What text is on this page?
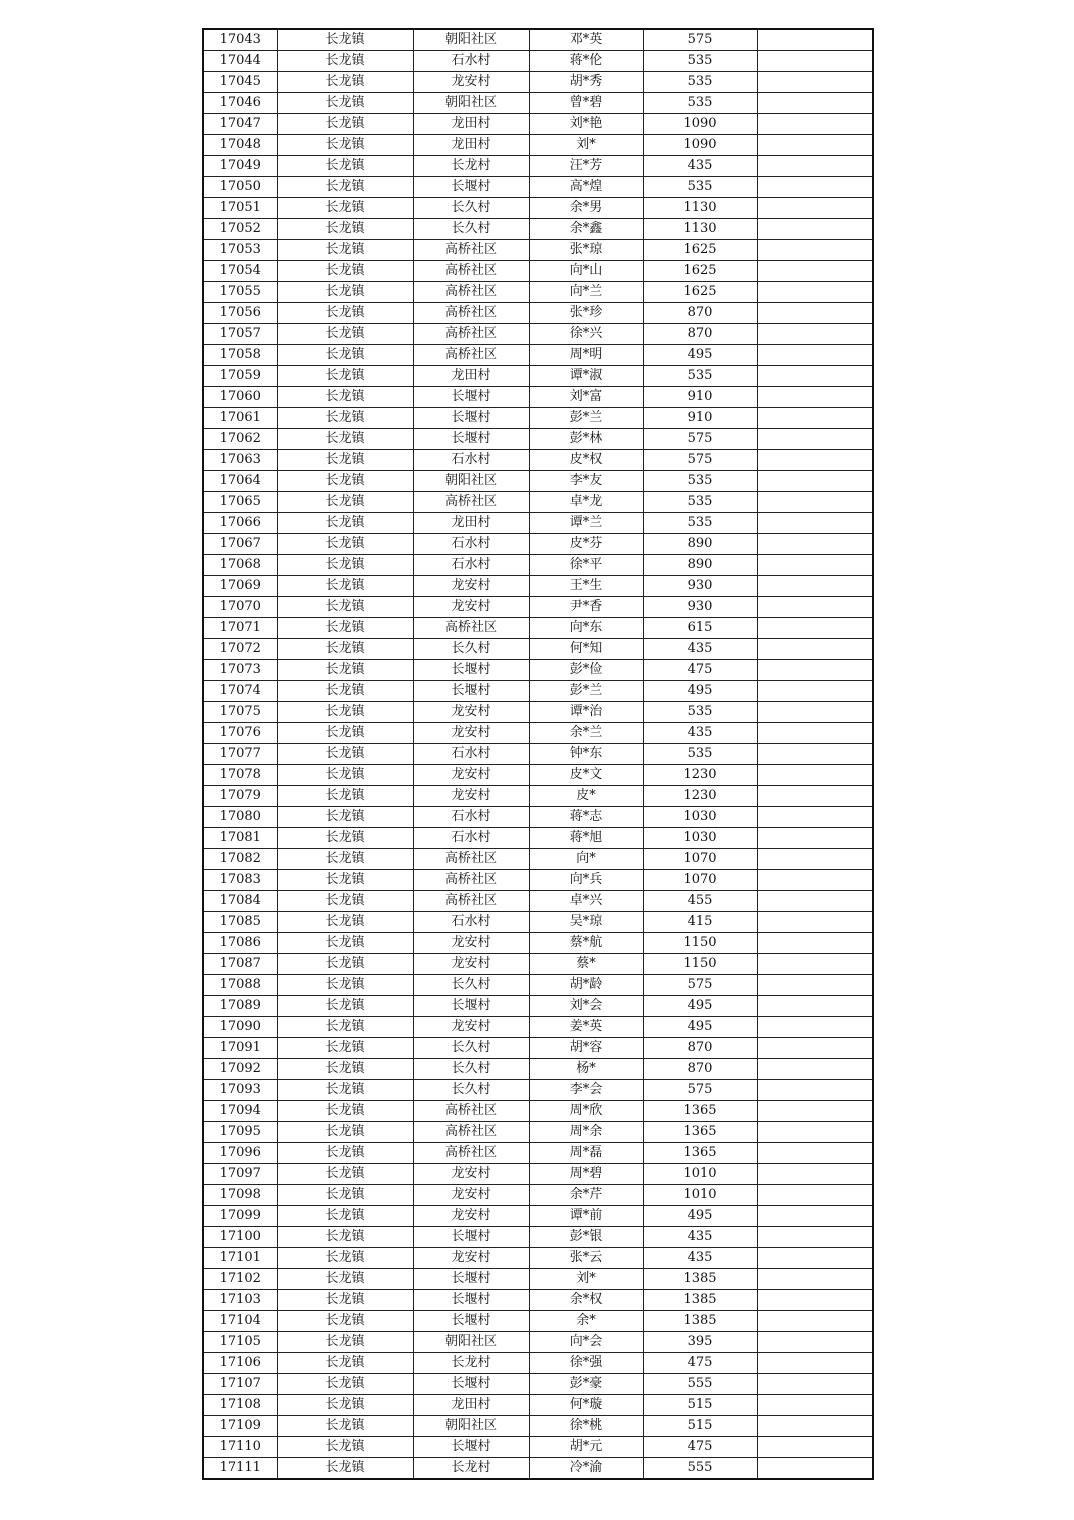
17043	长龙镇	朝阳社区	邓*英	575	
17044	长龙镇	石水村	蒋*伦	535	
17045	长龙镇	龙安村	胡*秀	535	
17046	长龙镇	朝阳社区	曾*碧	535	
17047	长龙镇	龙田村	刘*艳	1090	
17048	长龙镇	龙田村	刘*	1090	
17049	长龙镇	长龙村	汪*芳	435	
17050	长龙镇	长堰村	高*煌	535	
17051	长龙镇	长久村	余*男	1130	
17052	长龙镇	长久村	余*鑫	1130	
17053	长龙镇	高桥社区	张*琼	1625	
17054	长龙镇	高桥社区	向*山	1625	
17055	长龙镇	高桥社区	向*兰	1625	
17056	长龙镇	高桥社区	张*珍	870	
17057	长龙镇	高桥社区	徐*兴	870	
17058	长龙镇	高桥社区	周*明	495	
17059	长龙镇	龙田村	谭*淑	535	
17060	长龙镇	长堰村	刘*富	910	
17061	长龙镇	长堰村	彭*兰	910	
17062	长龙镇	长堰村	彭*林	575	
17063	长龙镇	石水村	皮*权	575	
17064	长龙镇	朝阳社区	李*友	535	
17065	长龙镇	高桥社区	卓*龙	535	
17066	长龙镇	龙田村	谭*兰	535	
17067	长龙镇	石水村	皮*芬	890	
17068	长龙镇	石水村	徐*平	890	
17069	长龙镇	龙安村	王*生	930	
17070	长龙镇	龙安村	尹*香	930	
17071	长龙镇	高桥社区	向*东	615	
17072	长龙镇	长久村	何*知	435	
17073	长龙镇	长堰村	彭*俭	475	
17074	长龙镇	长堰村	彭*兰	495	
17075	长龙镇	龙安村	谭*治	535	
17076	长龙镇	龙安村	余*兰	435	
17077	长龙镇	石水村	钟*东	535	
17078	长龙镇	龙安村	皮*文	1230	
17079	长龙镇	龙安村	皮*	1230	
17080	长龙镇	石水村	蒋*志	1030	
17081	长龙镇	石水村	蒋*旭	1030	
17082	长龙镇	高桥社区	向*	1070	
17083	长龙镇	高桥社区	向*兵	1070	
17084	长龙镇	高桥社区	卓*兴	455	
17085	长龙镇	石水村	吴*琼	415	
17086	长龙镇	龙安村	蔡*航	1150	
17087	长龙镇	龙安村	蔡*	1150	
17088	长龙镇	长久村	胡*龄	575	
17089	长龙镇	长堰村	刘*会	495	
17090	长龙镇	龙安村	姜*英	495	
17091	长龙镇	长久村	胡*容	870	
17092	长龙镇	长久村	杨*	870	
17093	长龙镇	长久村	李*会	575	
17094	长龙镇	高桥社区	周*欣	1365	
17095	长龙镇	高桥社区	周*余	1365	
17096	长龙镇	高桥社区	周*磊	1365	
17097	长龙镇	龙安村	周*碧	1010	
17098	长龙镇	龙安村	余*芹	1010	
17099	长龙镇	龙安村	谭*前	495	
17100	长龙镇	长堰村	彭*银	435	
17101	长龙镇	龙安村	张*云	435	
17102	长龙镇	长堰村	刘*	1385	
17103	长龙镇	长堰村	余*权	1385	
17104	长龙镇	长堰村	余*	1385	
17105	长龙镇	朝阳社区	向*会	395	
17106	长龙镇	长龙村	徐*强	475	
17107	长龙镇	长堰村	彭*豪	555	
17108	长龙镇	龙田村	何*璇	515	
17109	长龙镇	朝阳社区	徐*桃	515	
17110	长龙镇	长堰村	胡*元	475	
17111	长龙镇	长龙村	冷*渝	555	
